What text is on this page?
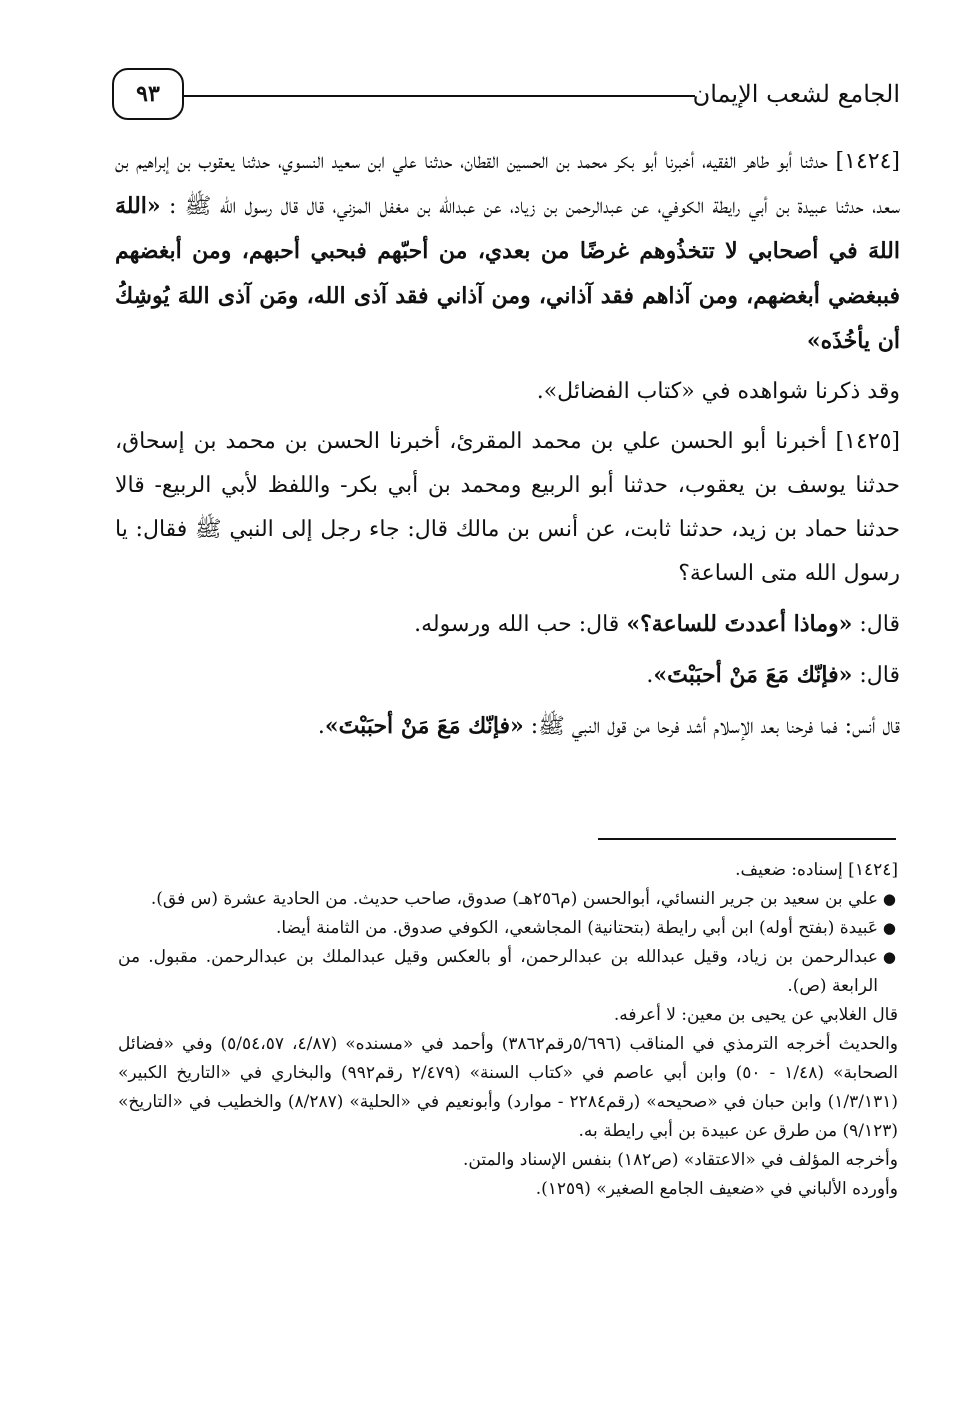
الجامع لشعب الإيمان
٩٣

[١٤٢٤] حدثنا أبو طاهر الفقيه، أخبرنا أبو بكر محمد بن الحسين القطان، حدثنا علي ابن سعيد النسوي، حدثنا يعقوب بن إبراهيم بن سعد، حدثنا عبيدة بن أبي رايطة الكوفي، عن عبدالرحمن بن زياد، عن عبدالله بن مغفل المزني، قال قال رسول الله ﷺ : «اللهَ اللهَ في أصحابي لا تتخذُوهم غرضًا من بعدي، من أحبّهم فبحبي أحبهم، ومن أبغضهم فببغضي أبغضهم، ومن آذاهم فقد آذاني، ومن آذاني فقد آذى الله، ومَن آذى اللهَ يُوشِكُ أن يأخُذَه»

وقد ذكرنا شواهده في «كتاب الفضائل».

[١٤٢٥] أخبرنا أبو الحسن علي بن محمد المقرئ، أخبرنا الحسن بن محمد بن إسحاق، حدثنا يوسف بن يعقوب، حدثنا أبو الربيع ومحمد بن أبي بكر- واللفظ لأبي الربيع- قالا حدثنا حماد بن زيد، حدثنا ثابت، عن أنس بن مالك قال: جاء رجل إلى النبي ﷺ فقال: يا رسول الله متى الساعة؟

قال: «وماذا أعددتَ للساعة؟» قال: حب الله ورسوله.

قال: «فإنّك مَعَ مَنْ أحبَبْتَ».

قال أنس: فما فرحنا بعد الإسلام أشد فرحا من قول النبي ﷺ: «فإنّك مَعَ مَنْ أحبَبْتَ».

[١٤٢٤] إسناده: ضعيف.

●
علي بن سعيد بن جرير النسائي، أبوالحسن (م٢٥٦هـ) صدوق، صاحب حديث. من الحادية عشرة (س فق).
●
عَبيدة (بفتح أوله) ابن أبي رايطة (بتحتانية) المجاشعي، الكوفي صدوق. من الثامنة أيضا.
●
عبدالرحمن بن زياد، وقيل عبدالله بن عبدالرحمن، أو بالعكس وقيل عبدالملك بن عبدالرحمن. مقبول. من الرابعة (ص).

قال الغلابي عن يحيى بن معين: لا أعرفه.

والحديث أخرجه الترمذي في المناقب (٥/٦٩٦رقم٣٨٦٢) وأحمد في «مسنده» (٤/٨٧، ٥/٥٤،٥٧) وفي «فضائل الصحابة» (١/٤٨ - ٥٠) وابن أبي عاصم في «كتاب السنة» (٢/٤٧٩ رقم٩٩٢) والبخاري في «التاريخ الكبير» (١/٣/١٣١) وابن حبان في «صحيحه» (رقم٢٢٨٤ - موارد) وأبونعيم في «الحلية» (٨/٢٨٧) والخطيب في «التاريخ» (٩/١٢٣) من طرق عن عبيدة بن أبي رايطة به.

وأخرجه المؤلف في «الاعتقاد» (ص١٨٢) بنفس الإسناد والمتن.

وأورده الألباني في «ضعيف الجامع الصغير» (١٢٥٩).
